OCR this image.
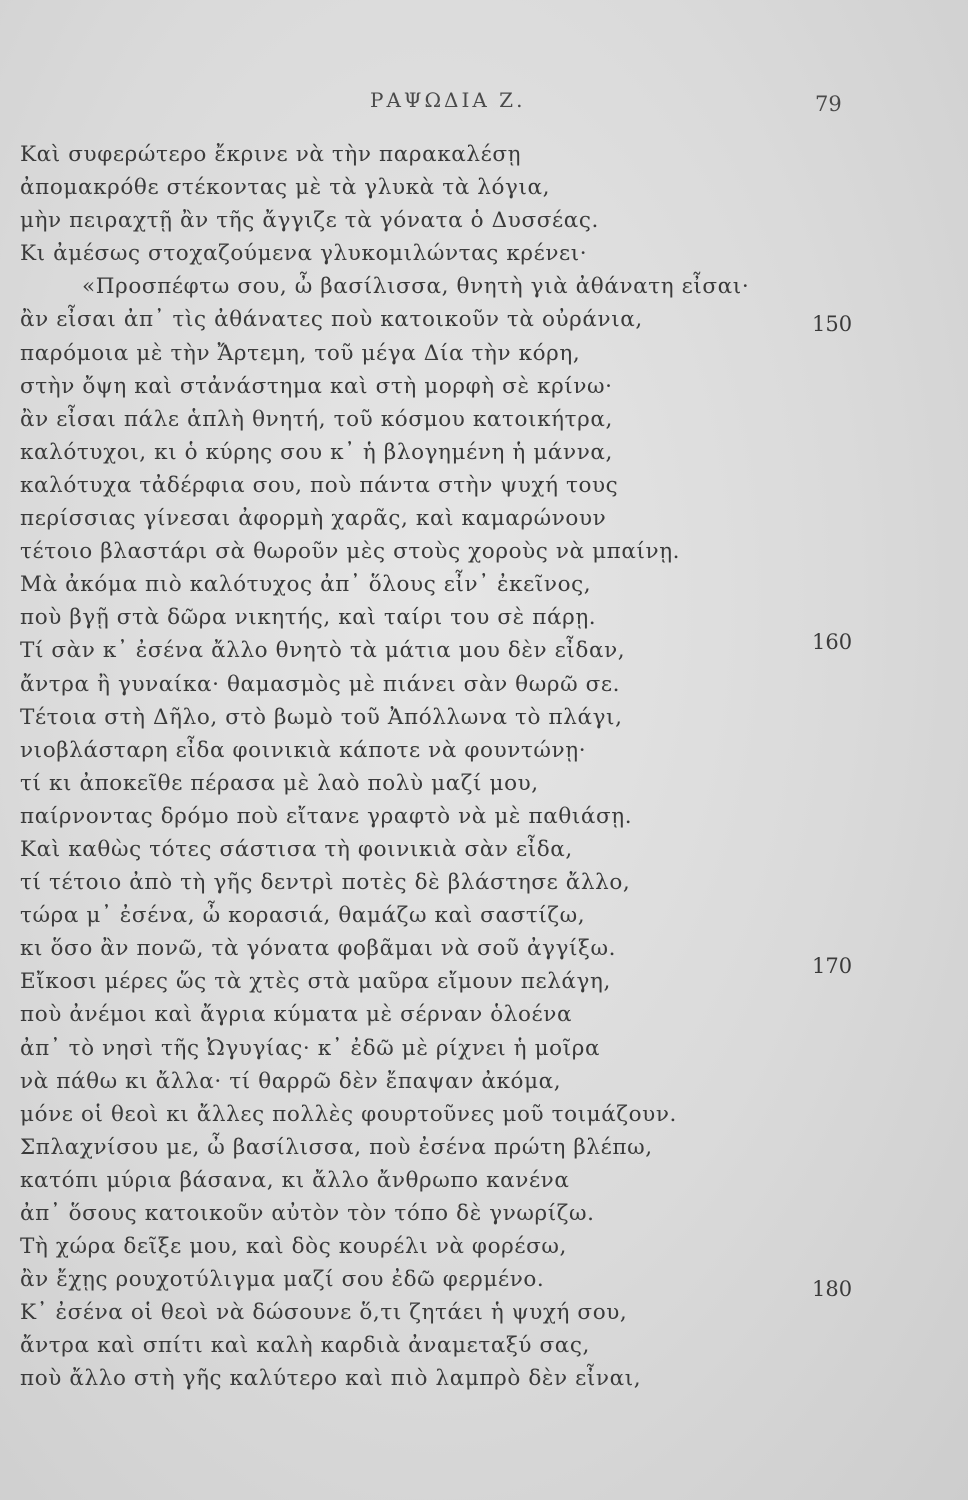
ΡΑΨΩΔΙΑ Ζ.	79
Καὶ συφερώτερο ἔκρινε νὰ τὴν παρακαλέσῃ
ἀπομακρόθε στέκοντας μὲ τὰ γλυκὰ τὰ λόγια,
μὴν πειραχτῇ ἂν τῆς ἄγγιζε τὰ γόνατα ὁ Δυσσέας.
Κι ἀμέσως στοχαζούμενα γλυκομιλώντας κρένει·
«Προσπέφτω σου, ὦ βασίλισσα, θνητὴ γιὰ ἀθάνατη εἶσαι·
ἂν εἶσαι ἀπ᾽ τὶς ἀθάνατες ποὺ κατοικοῦν τὰ οὐράνια,
παρόμοια μὲ τὴν Ἄρτεμη, τοῦ μέγα Δία τὴν κόρη,
στὴν ὄψη καὶ στἀνάστημα καὶ στὴ μορφὴ σὲ κρίνω·
ἂν εἶσαι πάλε ἁπλὴ θνητή, τοῦ κόσμου κατοικήτρα,
καλότυχοι, κι ὁ κύρης σου κ᾽ ἡ βλογημένη ἡ μάννα,
καλότυχα τἀδέρφια σου, ποὺ πάντα στὴν ψυχή τους
περίσσιας γίνεσαι ἀφορμὴ χαρᾶς, καὶ καμαρώνουν
τέτοιο βλαστάρι σὰ θωροῦν μὲς στοὺς χοροὺς νὰ μπαίνῃ.
Μὰ ἀκόμα πιὸ καλότυχος ἀπ᾽ ὅλους εἶν᾽ ἐκεῖνος,
ποὺ βγῇ στὰ δῶρα νικητής, καὶ ταίρι του σὲ πάρῃ.
Τί σὰν κ᾽ ἐσένα ἄλλο θνητὸ τὰ μάτια μου δὲν εἶδαν,
ἄντρα ἢ γυναίκα· θαμασμὸς μὲ πιάνει σὰν θωρῶ σε.
Τέτοια στὴ Δῆλο, στὸ βωμὸ τοῦ Ἀπόλλωνα τὸ πλάγι,
νιοβλάσταρη εἶδα φοινικιὰ κάποτε νὰ φουντώνῃ·
τί κι ἀποκεῖθε πέρασα μὲ λαὸ πολὺ μαζί μου,
παίρνοντας δρόμο ποὺ εἴτανε γραφτὸ νὰ μὲ παθιάσῃ.
Καὶ καθὼς τότες σάστισα τὴ φοινικιὰ σὰν εἶδα,
τί τέτοιο ἀπὸ τὴ γῆς δεντρὶ ποτὲς δὲ βλάστησε ἄλλο,
τώρα μ᾽ ἐσένα, ὦ κορασιά, θαμάζω καὶ σαστίζω,
κι ὅσο ἂν πονῶ, τὰ γόνατα φοβᾶμαι νὰ σοῦ ἀγγίξω.
Εἴκοσι μέρες ὥς τὰ χτὲς στὰ μαῦρα εἴμουν πελάγη,
ποὺ ἀνέμοι καὶ ἄγρια κύματα μὲ σέρναν ὁλοένα
ἀπ᾽ τὸ νησὶ τῆς Ὠγυγίας· κ᾽ ἐδῶ μὲ ρίχνει ἡ μοῖρα
νὰ πάθω κι ἄλλα· τί θαρρῶ δὲν ἔπαψαν ἀκόμα,
μόνε οἱ θεοὶ κι ἄλλες πολλὲς φουρτοῦνες μοῦ τοιμάζουν.
Σπλαχνίσου με, ὦ βασίλισσα, ποὺ ἐσένα πρώτη βλέπω,
κατόπι μύρια βάσανα, κι ἄλλο ἄνθρωπο κανένα
ἀπ᾽ ὅσους κατοικοῦν αὐτὸν τὸν τόπο δὲ γνωρίζω.
Τὴ χώρα δεῖξε μου, καὶ δὸς κουρέλι νὰ φορέσω,
ἂν ἔχῃς ρουχοτύλιγμα μαζί σου ἐδῶ φερμένο.
Κ᾽ ἐσένα οἱ θεοὶ νὰ δώσουνε ὅ,τι ζητάει ἡ ψυχή σου,
ἄντρα καὶ σπίτι καὶ καλὴ καρδιὰ ἀναμεταξύ σας,
ποὺ ἄλλο στὴ γῆς καλύτερο καὶ πιὸ λαμπρὸ δὲν εἶναι,
150
160
170
180
